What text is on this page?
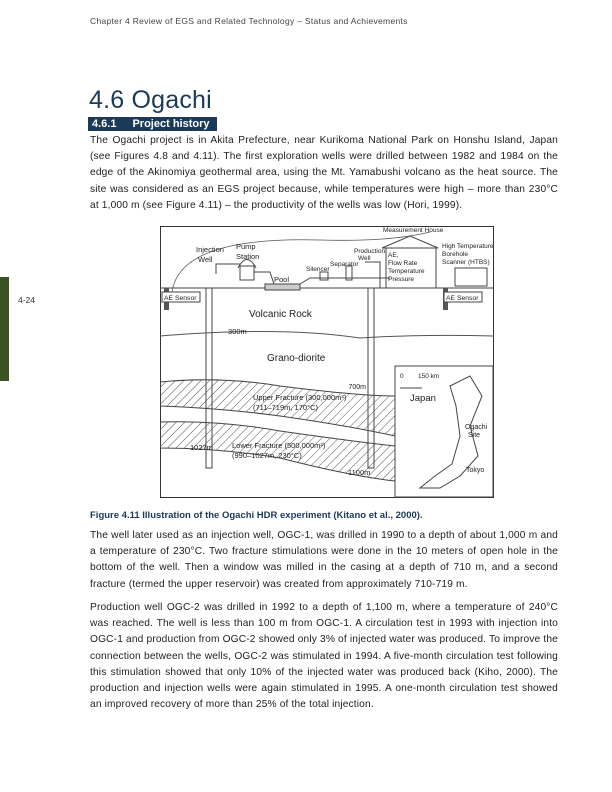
Chapter 4 Review of EGS and Related Technology – Status and Achievements
4-24
4.6 Ogachi
4.6.1 Project history
The Ogachi project is in Akita Prefecture, near Kurikoma National Park on Honshu Island, Japan (see Figures 4.8 and 4.11). The first exploration wells were drilled between 1982 and 1984 on the edge of the Akinomiya geothermal area, using the Mt. Yamabushi volcano as the heat source. The site was considered as an EGS project because, while temperatures were high – more than 230°C at 1,000 m (see Figure 4.11) – the productivity of the wells was low (Hori, 1999).
Measurement House
High Temperature
Borehole
Scanner (HTBS)
AE,
Flow Rate
Temperature
Pressure
Production
Well
Separator
Silencer
Injection
Well
Pump
Station
Pool
AE Sensor	AE Sensor
300m
700m
1027m
1100m
Upper Fracture (300,000m²)
(711–719m, 170°C)
Lower Fracture (500,000m²)
(990–1027m, 230°C)
0 150 km
Ogachi
Site
Tokyo
Volcanic Rock
Grano-diorite
Japan
Figure 4.11 Illustration of the Ogachi HDR experiment (Kitano et al., 2000).
The well later used as an injection well, OGC-1, was drilled in 1990 to a depth of about 1,000 m and a temperature of 230°C. Two fracture stimulations were done in the 10 meters of open hole in the bottom of the well. Then a window was milled in the casing at a depth of 710 m, and a second fracture (termed the upper reservoir) was created from approximately 710-719 m.
Production well OGC-2 was drilled in 1992 to a depth of 1,100 m, where a temperature of 240°C was reached. The well is less than 100 m from OGC-1. A circulation test in 1993 with injection into OGC-1 and production from OGC-2 showed only 3% of injected water was produced. To improve the connection between the wells, OGC-2 was stimulated in 1994. A five-month circulation test following this stimulation showed that only 10% of the injected water was produced back (Kiho, 2000). The production and injection wells were again stimulated in 1995. A one-month circulation test showed an improved recovery of more than 25% of the total injection.
